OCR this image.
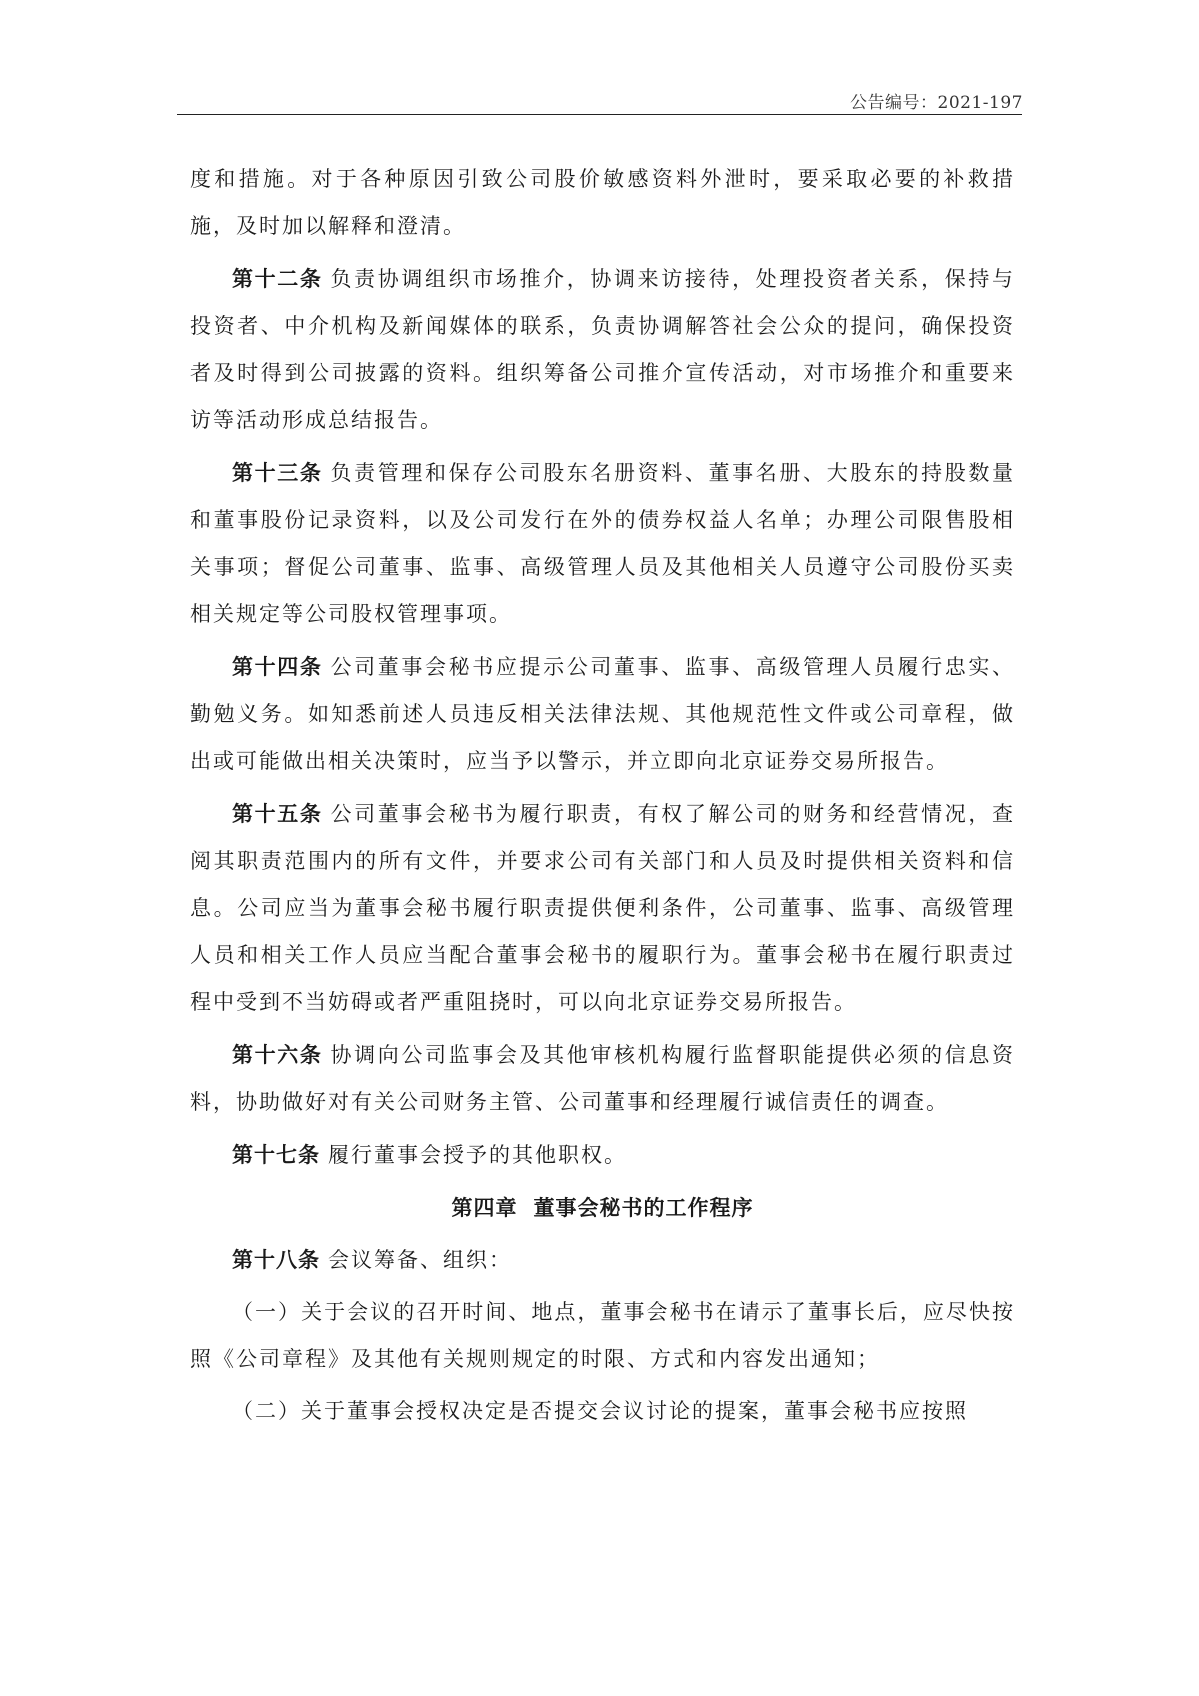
公告编号：2021-197

度和措施。对于各种原因引致公司股价敏感资料外泄时，要采取必要的补救措施，及时加以解释和澄清。

第十二条 负责协调组织市场推介，协调来访接待，处理投资者关系，保持与投资者、中介机构及新闻媒体的联系，负责协调解答社会公众的提问，确保投资者及时得到公司披露的资料。组织筹备公司推介宣传活动，对市场推介和重要来访等活动形成总结报告。

第十三条 负责管理和保存公司股东名册资料、董事名册、大股东的持股数量和董事股份记录资料，以及公司发行在外的债券权益人名单；办理公司限售股相关事项；督促公司董事、监事、高级管理人员及其他相关人员遵守公司股份买卖相关规定等公司股权管理事项。

第十四条 公司董事会秘书应提示公司董事、监事、高级管理人员履行忠实、勤勉义务。如知悉前述人员违反相关法律法规、其他规范性文件或公司章程，做出或可能做出相关决策时，应当予以警示，并立即向北京证券交易所报告。

第十五条 公司董事会秘书为履行职责，有权了解公司的财务和经营情况，查阅其职责范围内的所有文件，并要求公司有关部门和人员及时提供相关资料和信息。公司应当为董事会秘书履行职责提供便利条件，公司董事、监事、高级管理人员和相关工作人员应当配合董事会秘书的履职行为。董事会秘书在履行职责过程中受到不当妨碍或者严重阻挠时，可以向北京证券交易所报告。

第十六条 协调向公司监事会及其他审核机构履行监督职能提供必须的信息资料，协助做好对有关公司财务主管、公司董事和经理履行诚信责任的调查。

第十七条 履行董事会授予的其他职权。

第四章 董事会秘书的工作程序

第十八条 会议筹备、组织：

（一）关于会议的召开时间、地点，董事会秘书在请示了董事长后，应尽快按照《公司章程》及其他有关规则规定的时限、方式和内容发出通知；

（二）关于董事会授权决定是否提交会议讨论的提案，董事会秘书应按照
